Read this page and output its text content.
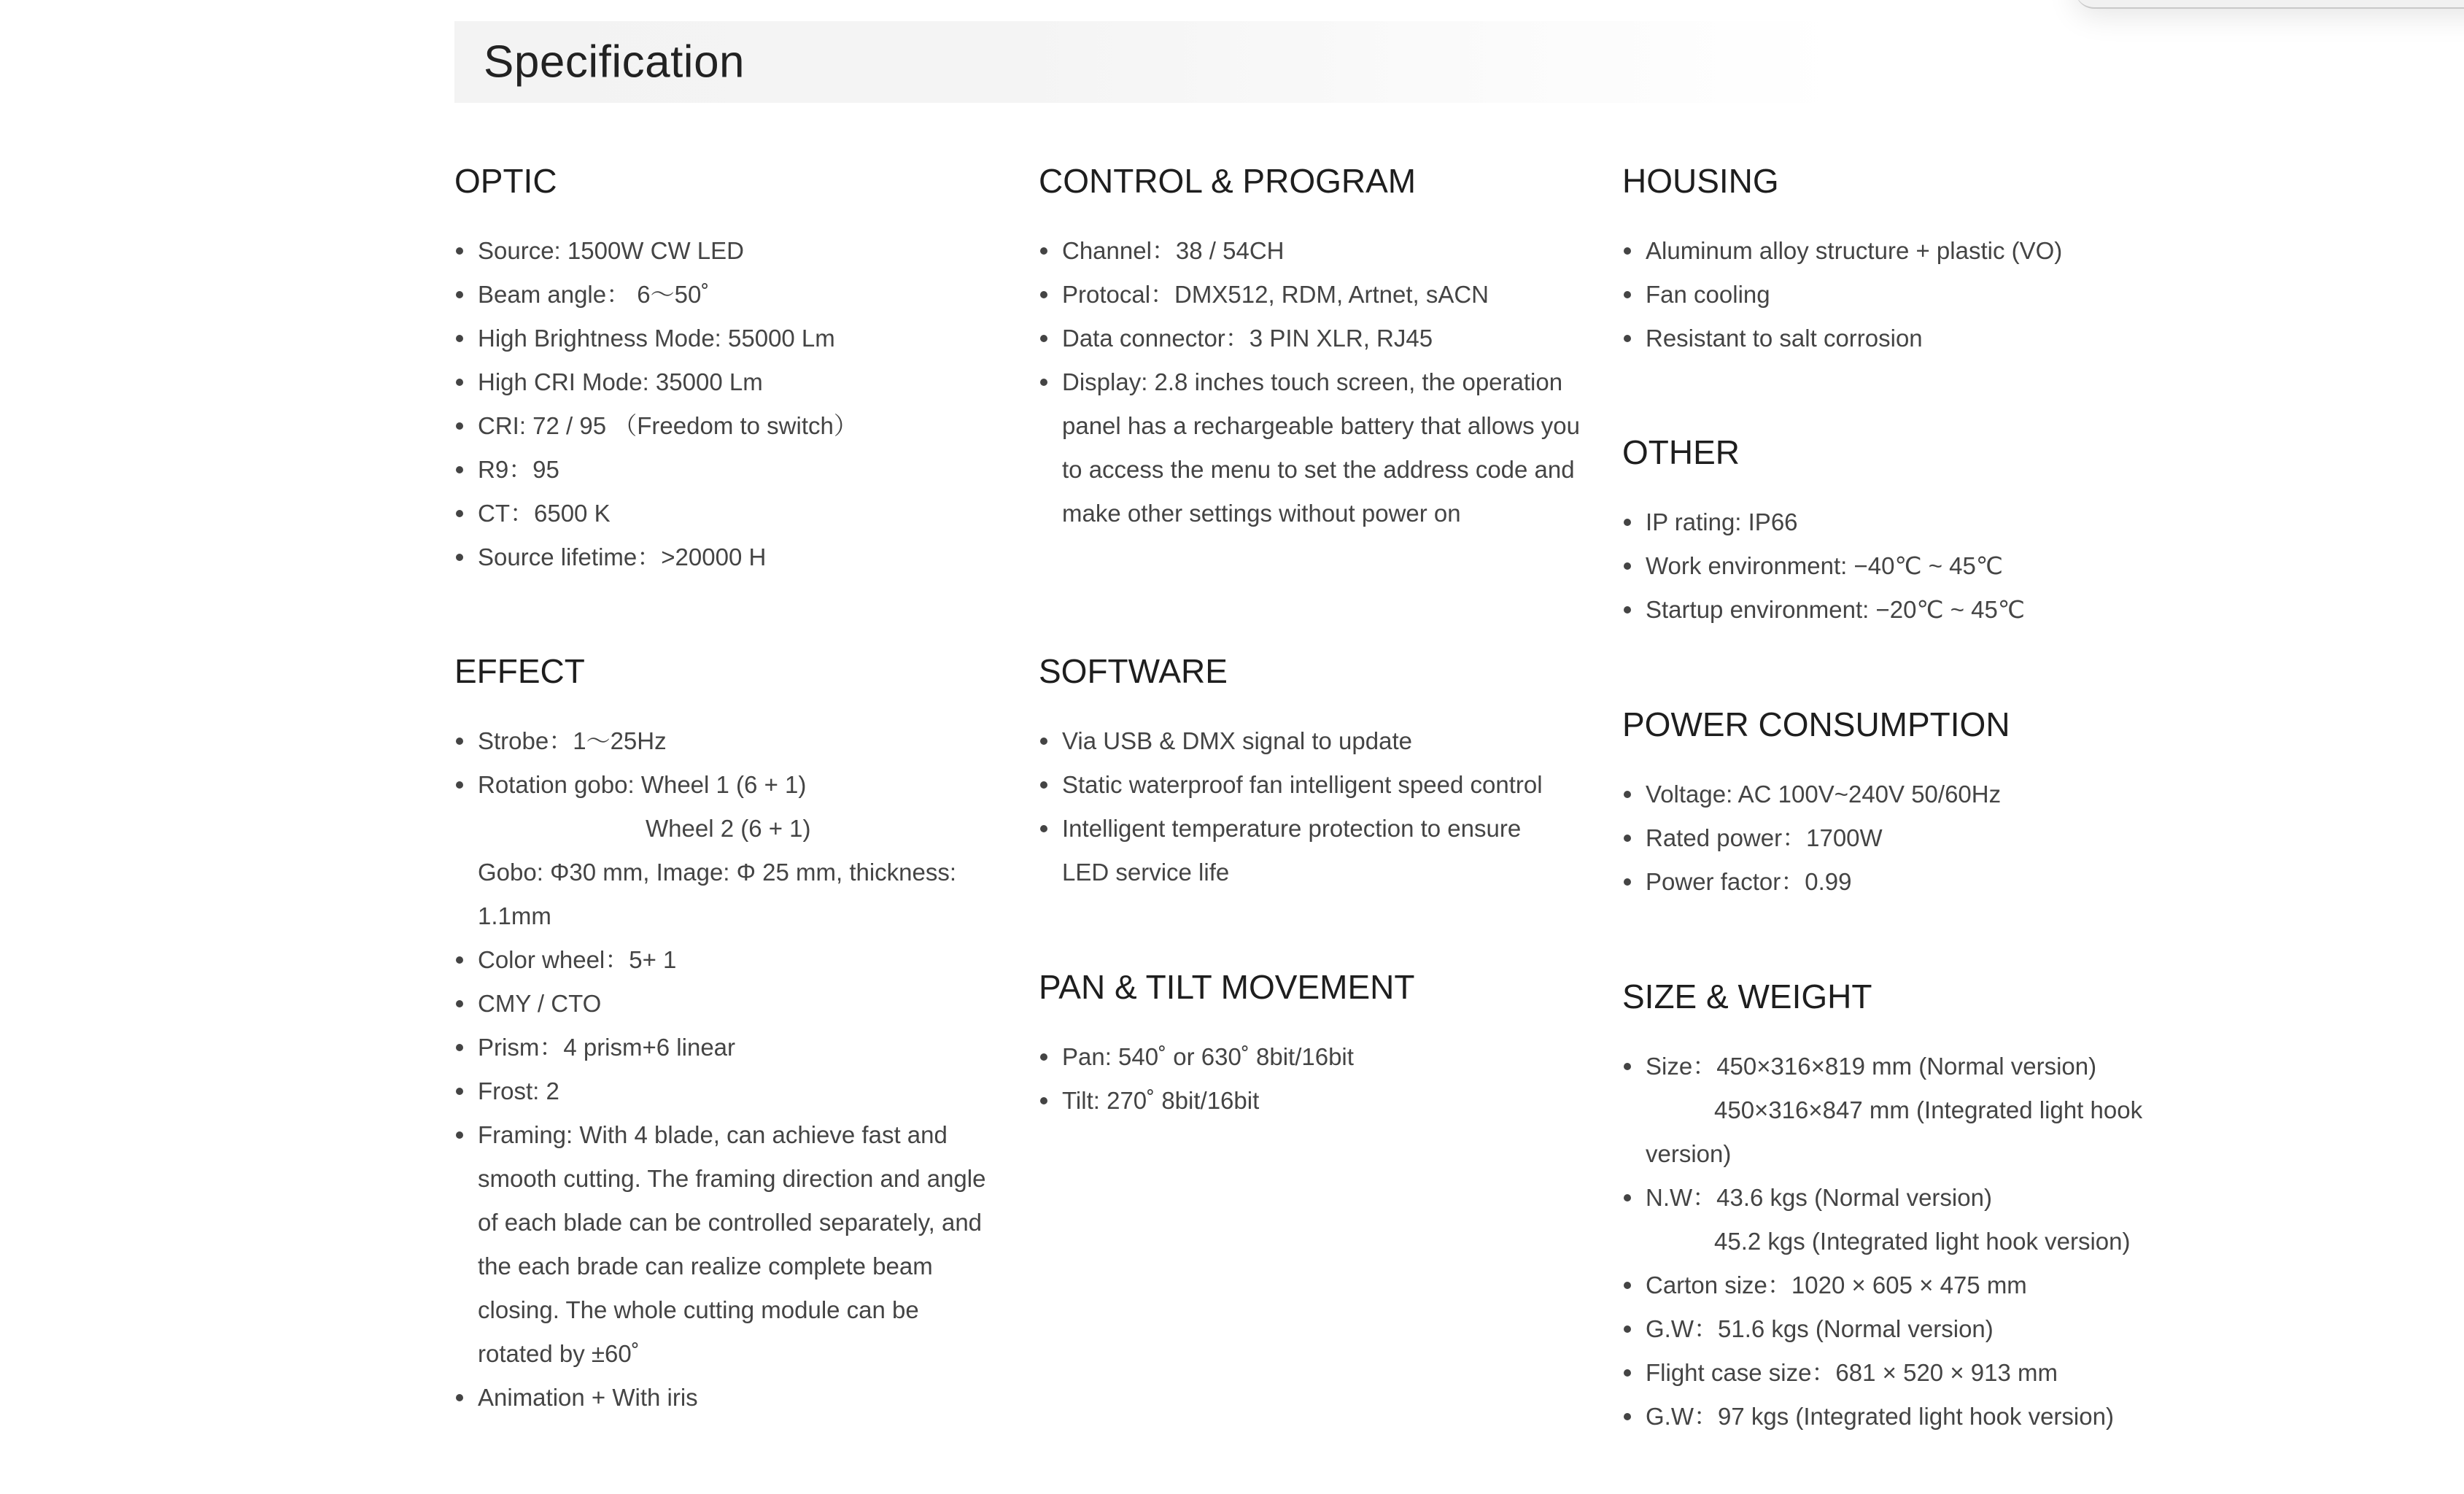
Specification
OPTIC
Source: 1500W CW LED
Beam angle： 6～50˚
High Brightness Mode: 55000 Lm
High CRI Mode: 35000 Lm
CRI: 72 / 95 （Freedom to switch）
R9：95
CT：6500 K
Source lifetime：>20000 H
CONTROL & PROGRAM
Channel：38 / 54CH
Protocal：DMX512, RDM, Artnet, sACN
Data connector：3 PIN XLR, RJ45
Display: 2.8 inches touch screen, the operation panel has a rechargeable battery that allows you to access the menu to set the address code and make other settings without power on
HOUSING
Aluminum alloy structure + plastic (VO)
Fan cooling
Resistant to salt corrosion
OTHER
IP rating: IP66
Work environment: −40℃ ~ 45℃
Startup environment: −20℃ ~ 45℃
EFFECT
Strobe：1～25Hz
Rotation gobo: Wheel 1 (6 + 1)
Wheel 2 (6 + 1)
Gobo: Φ30 mm, Image: Φ 25 mm, thickness: 1.1mm
Color wheel：5+ 1
CMY / CTO
Prism：4 prism+6 linear
Frost: 2
Framing: With 4 blade, can achieve fast and smooth cutting. The framing direction and angle of each blade can be controlled separately, and the each brade can realize complete beam closing. The whole cutting module can be rotated by ±60˚
Animation + With iris
SOFTWARE
Via USB & DMX signal to update
Static waterproof fan intelligent speed control
Intelligent temperature protection to ensure LED service life
PAN & TILT MOVEMENT
Pan: 540˚ or 630˚ 8bit/16bit
Tilt: 270˚ 8bit/16bit
POWER CONSUMPTION
Voltage: AC 100V~240V 50/60Hz
Rated power：1700W
Power factor：0.99
SIZE & WEIGHT
Size：450×316×819 mm (Normal version)
450×316×847 mm (Integrated light hook
version)
N.W：43.6 kgs (Normal version)
45.2 kgs (Integrated light hook version)
Carton size：1020 × 605 × 475 mm
G.W：51.6 kgs (Normal version)
Flight case size：681 × 520 × 913 mm
G.W：97 kgs (Integrated light hook version)
